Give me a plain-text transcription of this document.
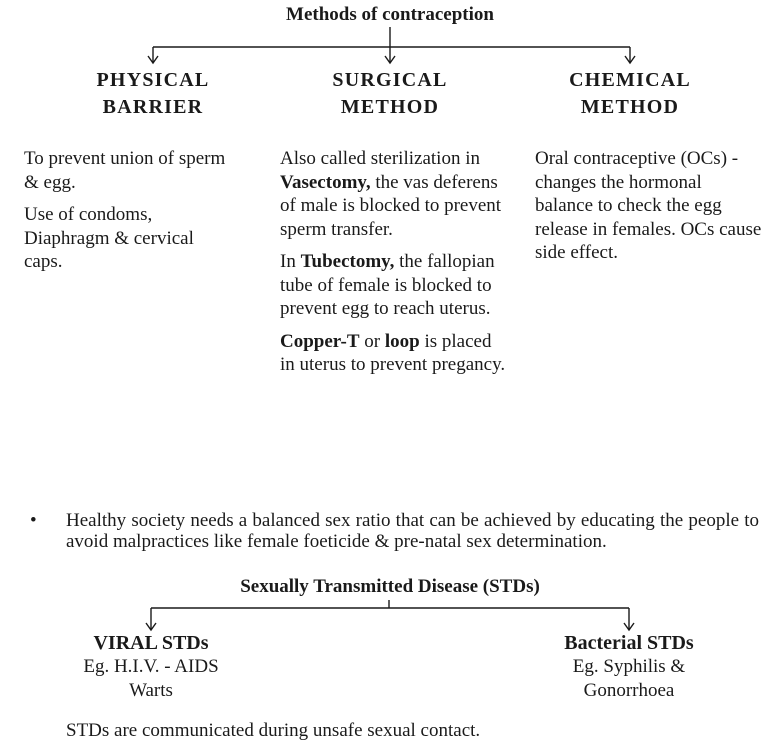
Methods of contraception
PHYSICAL
BARRIER
SURGICAL
METHOD
CHEMICAL
METHOD

To prevent union of sperm & egg.

Use of condoms, Diaphragm & cervical caps.

Also called sterilization in Vasectomy, the vas deferens of male is blocked to prevent sperm transfer.

In Tubectomy, the fallopian tube of female is blocked to prevent egg to reach uterus.

Copper-T or loop is placed in uterus to prevent pregancy.

Oral contraceptive (OCs) - changes the hormonal balance to check the egg release in females. OCs cause side effect.

• Healthy society needs a balanced sex ratio that can be achieved by educating the people to avoid malpractices like female foeticide & pre-natal sex determination.
Sexually Transmitted Disease (STDs)
VIRAL STDs
Eg. H.I.V. - AIDS
Warts
Bacterial STDs
Eg. Syphilis &
Gonorrhoea
STDs are communicated during unsafe sexual contact.
